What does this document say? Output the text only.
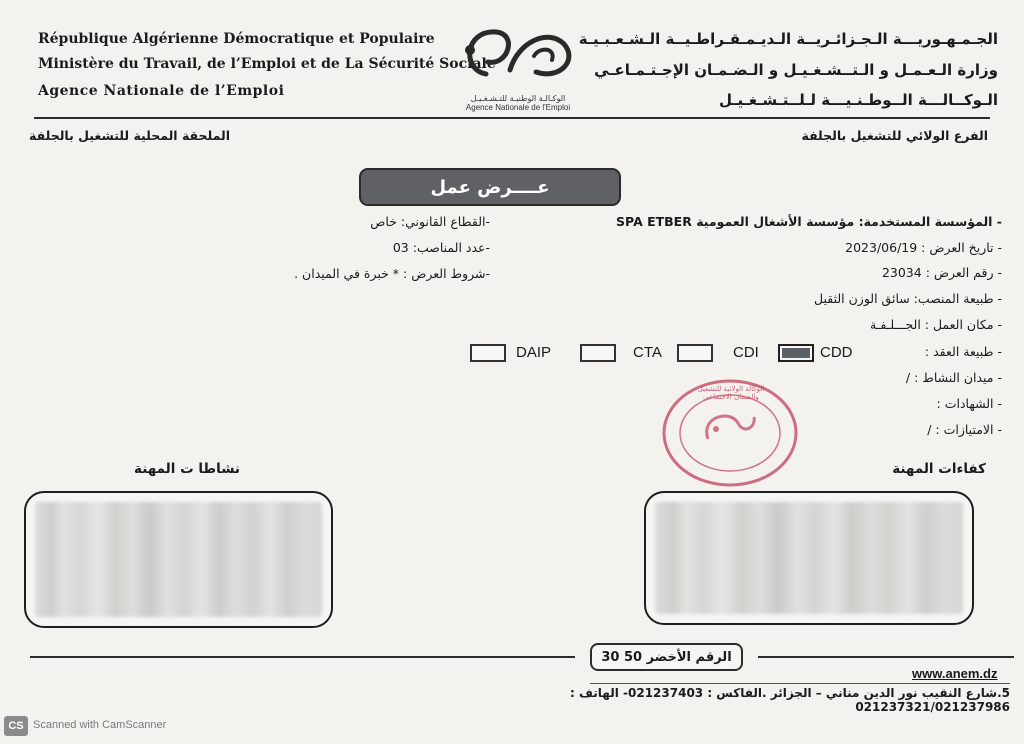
République Algérienne Démocratique et Populaire
Ministère du Travail, de l’Emploi et de La Sécurité Sociale
Agence Nationale de l’Emploi	الوكـالـة الوطنيـة للتـشـغـيـل
Agence Nationale de l'Emploi
الجـمـهـوريـــة الـجـزائـريــة الـديـمـقـراطـيــة الـشـعـبـيـة
وزارة الـعـمـل و الـتــشـغـيـل و الـضـمـان الإجـتـمـاعـي
الـوكــالـــة الــوطـنـيـــة لـلــتـشـغـيـل
الفرع الولائي للتشغيل بالجلفة
الملحقة المحلية للتشغيل بالجلفة
عــــرض عمل
- المؤسسة المستخدمة: مؤسسة الأشغال العمومية SPA ETBER
- تاريخ العرض : 2023/06/19
- رقم العرض : 23034
- طبيعة المنصب: سائق الوزن الثقيل
- مكان العمل : الجـــلـفـة
- طبيعة العقد :
- ميدان النشاط : /
- الشهادات :
- الامتيازات : /
-القطاع القانوني: خاص
-عدد المناصب: 03
-شروط العرض : * خبرة في الميدان .
CDD
CDI
CTA
DAIP
الوكالة الولائية للتشغيل والضمان الاجتماعي
كفاءات المهنة
نشاطا ت المهنة
الرقم الأخضر 50 30
www.anem.dz
5.شارع النقيب نور الدين مناني – الجزائر .الفاكس : 021237403- الهاتف : 021237321/021237986
CS Scanned with CamScanner
